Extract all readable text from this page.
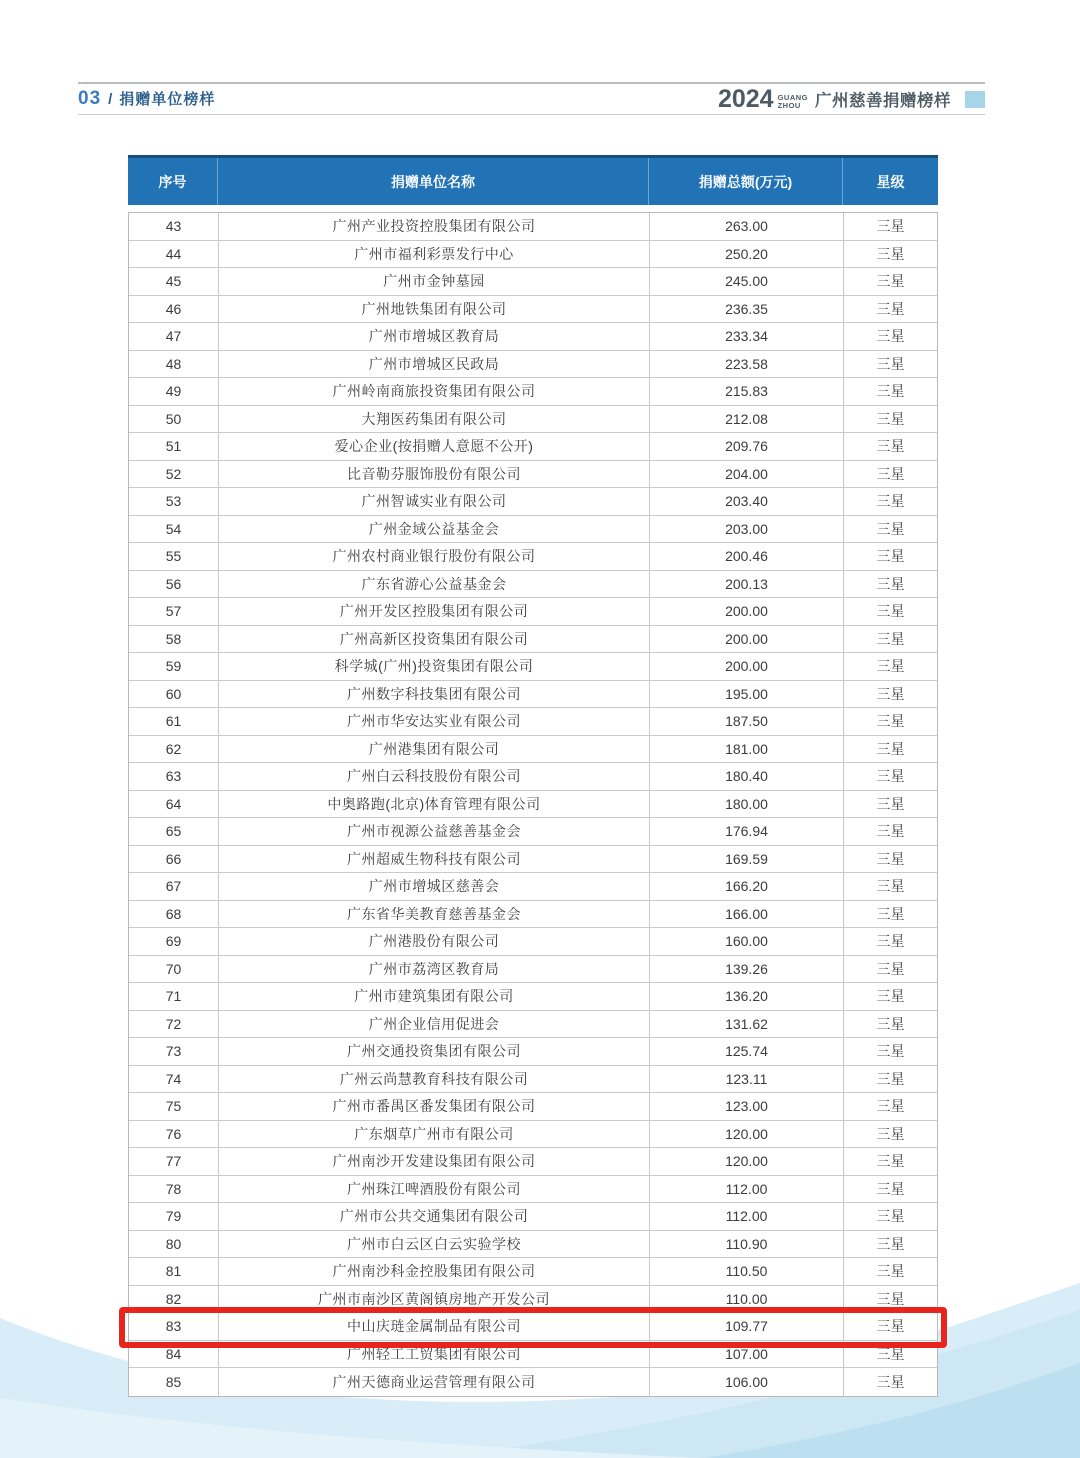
03 / 捐赠单位榜样	2024 GUANG
ZHOU 广州慈善捐赠榜样
序号	捐赠单位名称	捐赠总额(万元)	星级
43	广州产业投资控股集团有限公司	263.00	三星
44	广州市福利彩票发行中心	250.20	三星
45	广州市金钟墓园	245.00	三星
46	广州地铁集团有限公司	236.35	三星
47	广州市增城区教育局	233.34	三星
48	广州市增城区民政局	223.58	三星
49	广州岭南商旅投资集团有限公司	215.83	三星
50	大翔医药集团有限公司	212.08	三星
51	爱心企业(按捐赠人意愿不公开)	209.76	三星
52	比音勒芬服饰股份有限公司	204.00	三星
53	广州智诚实业有限公司	203.40	三星
54	广州金域公益基金会	203.00	三星
55	广州农村商业银行股份有限公司	200.46	三星
56	广东省游心公益基金会	200.13	三星
57	广州开发区控股集团有限公司	200.00	三星
58	广州高新区投资集团有限公司	200.00	三星
59	科学城(广州)投资集团有限公司	200.00	三星
60	广州数字科技集团有限公司	195.00	三星
61	广州市华安达实业有限公司	187.50	三星
62	广州港集团有限公司	181.00	三星
63	广州白云科技股份有限公司	180.40	三星
64	中奥路跑(北京)体育管理有限公司	180.00	三星
65	广州市视源公益慈善基金会	176.94	三星
66	广州超威生物科技有限公司	169.59	三星
67	广州市增城区慈善会	166.20	三星
68	广东省华美教育慈善基金会	166.00	三星
69	广州港股份有限公司	160.00	三星
70	广州市荔湾区教育局	139.26	三星
71	广州市建筑集团有限公司	136.20	三星
72	广州企业信用促进会	131.62	三星
73	广州交通投资集团有限公司	125.74	三星
74	广州云尚慧教育科技有限公司	123.11	三星
75	广州市番禺区番发集团有限公司	123.00	三星
76	广东烟草广州市有限公司	120.00	三星
77	广州南沙开发建设集团有限公司	120.00	三星
78	广州珠江啤酒股份有限公司	112.00	三星
79	广州市公共交通集团有限公司	112.00	三星
80	广州市白云区白云实验学校	110.90	三星
81	广州南沙科金控股集团有限公司	110.50	三星
82	广州市南沙区黄阁镇房地产开发公司	110.00	三星
83	中山庆琏金属制品有限公司	109.77	三星
84	广州轻工工贸集团有限公司	107.00	三星
85	广州天德商业运营管理有限公司	106.00	三星
